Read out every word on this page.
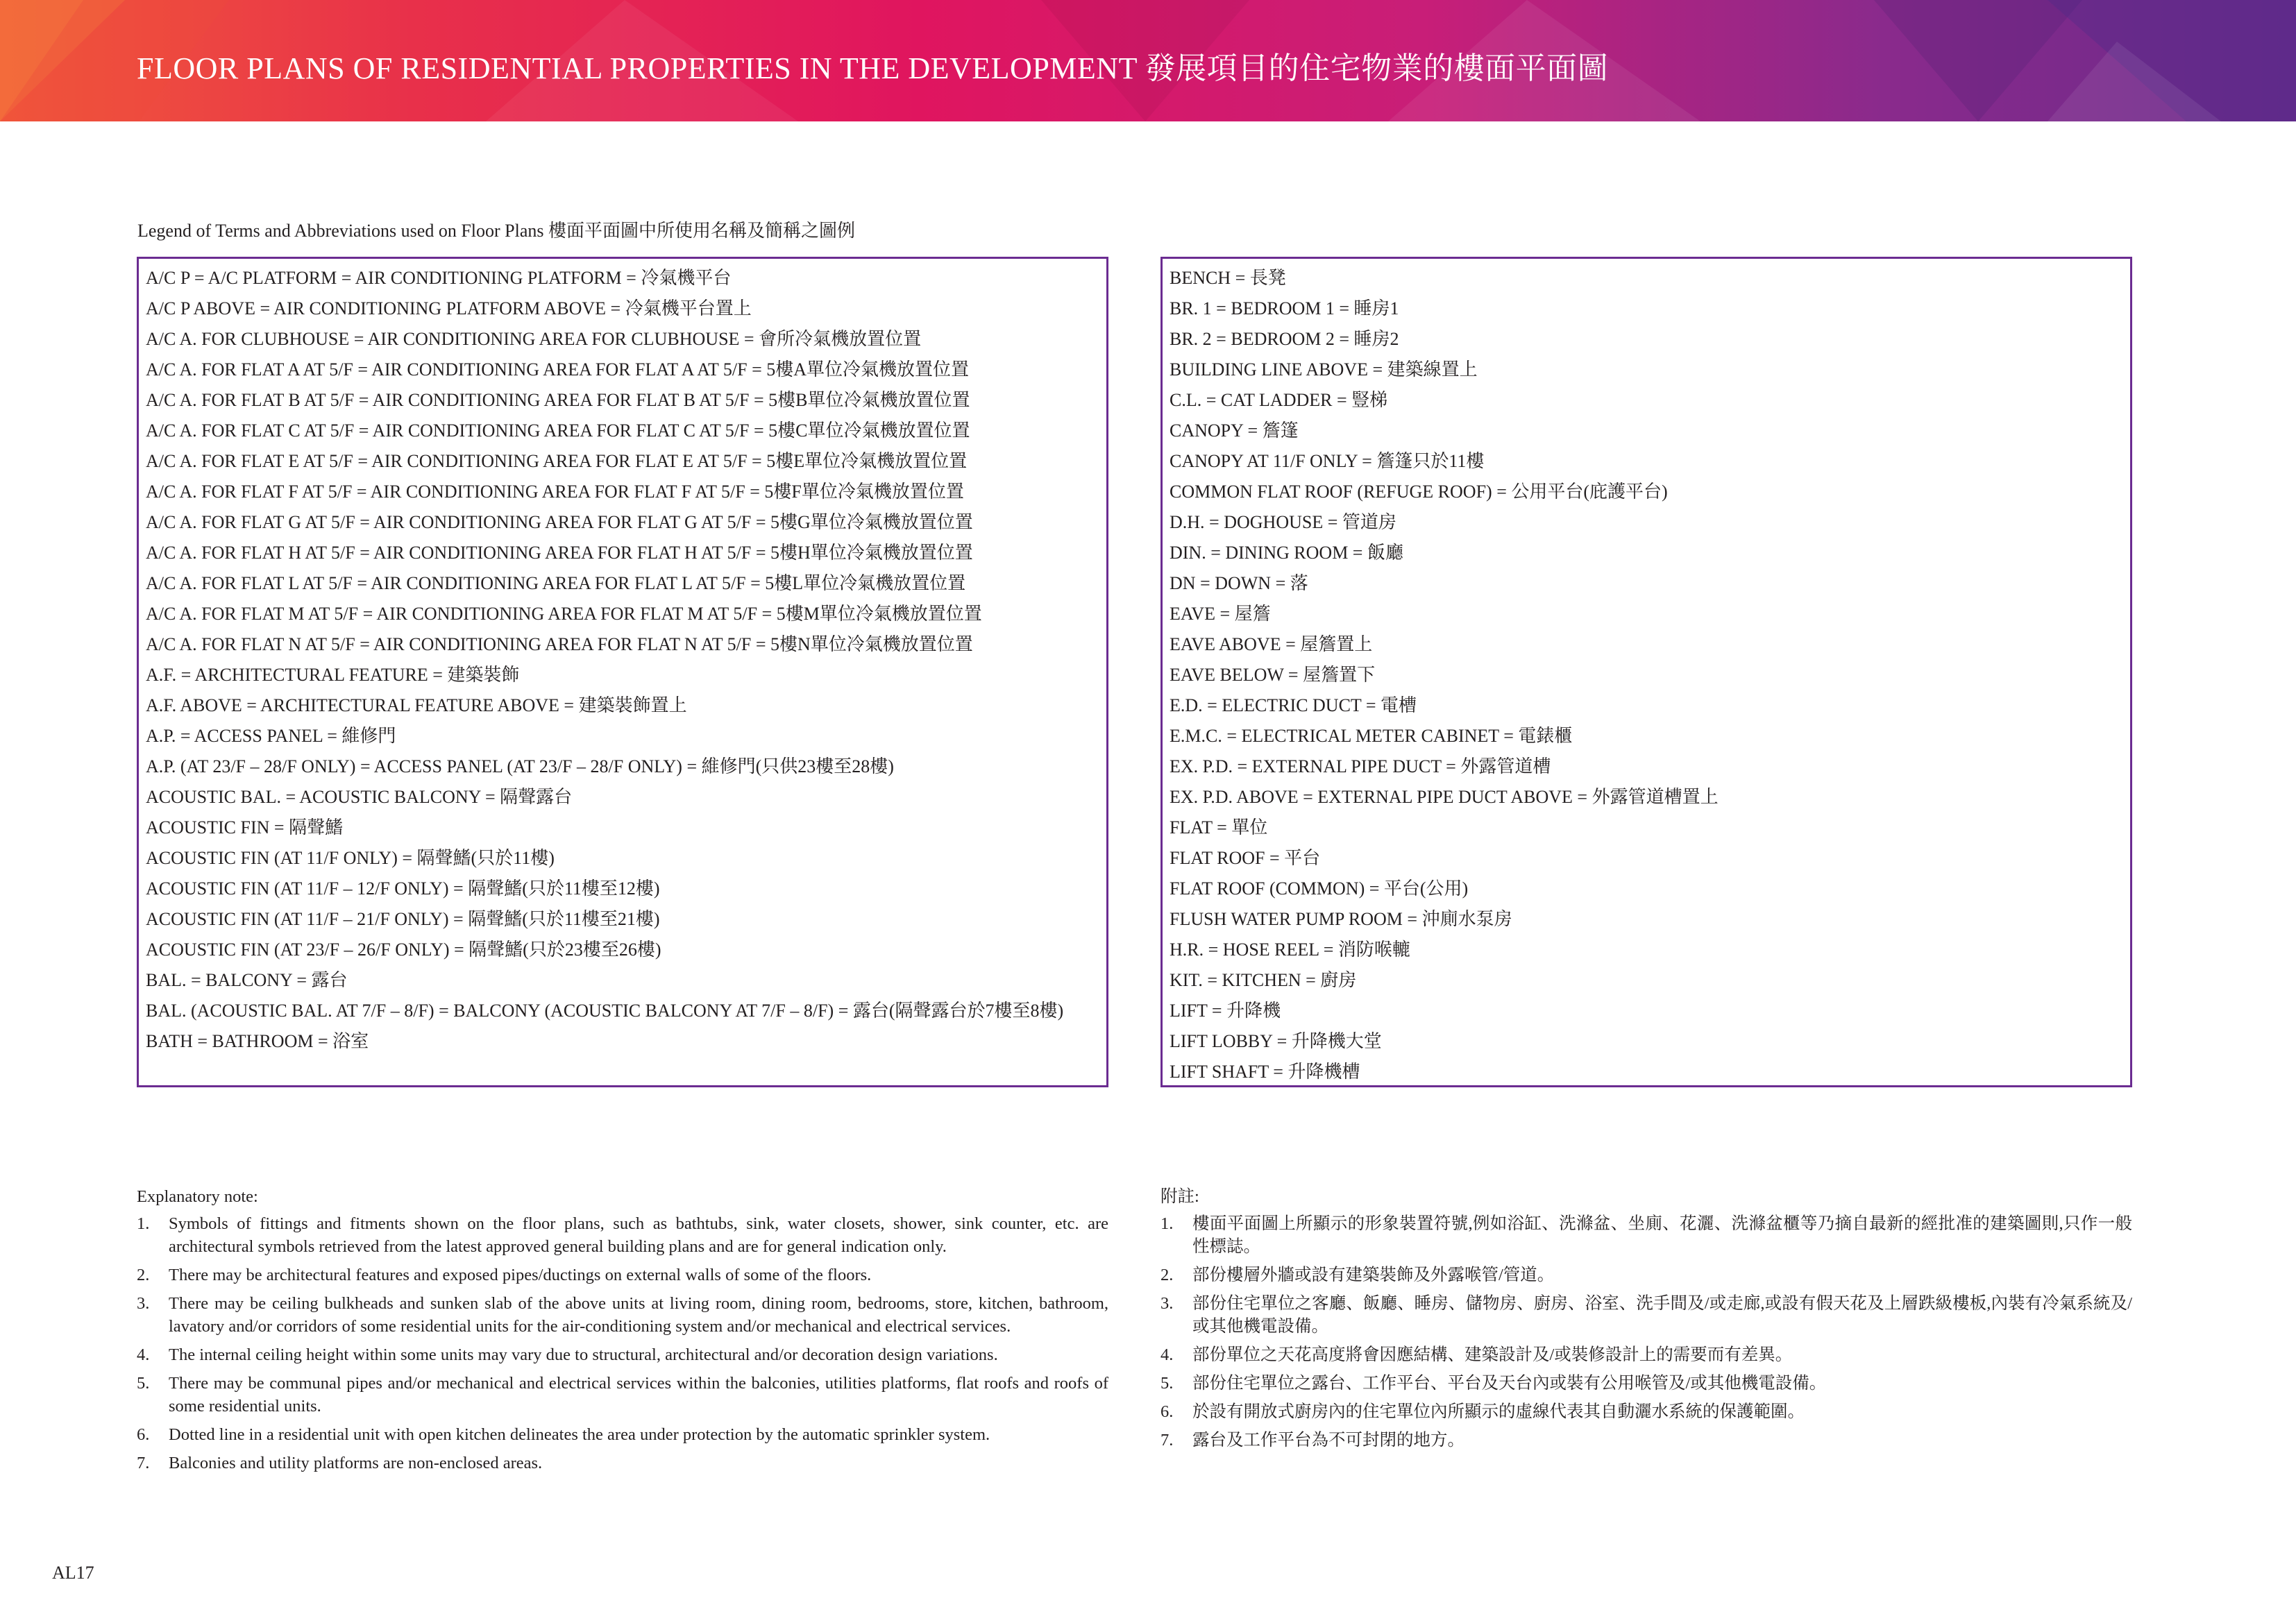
FLOOR PLANS OF RESIDENTIAL PROPERTIES IN THE DEVELOPMENT 發展項目的住宅物業的樓面平面圖
Legend of Terms and Abbreviations used on Floor Plans 樓面平面圖中所使用名稱及簡稱之圖例
A/C P = A/C PLATFORM = AIR CONDITIONING PLATFORM = 冷氣機平台
A/C P ABOVE = AIR CONDITIONING PLATFORM ABOVE = 冷氣機平台置上
A/C A. FOR CLUBHOUSE = AIR CONDITIONING AREA FOR CLUBHOUSE = 會所冷氣機放置位置
A/C A. FOR FLAT A AT 5/F = AIR CONDITIONING AREA FOR FLAT A AT 5/F = 5樓A單位冷氣機放置位置
A/C A. FOR FLAT B AT 5/F = AIR CONDITIONING AREA FOR FLAT B AT 5/F = 5樓B單位冷氣機放置位置
A/C A. FOR FLAT C AT 5/F = AIR CONDITIONING AREA FOR FLAT C AT 5/F = 5樓C單位冷氣機放置位置
A/C A. FOR FLAT E AT 5/F = AIR CONDITIONING AREA FOR FLAT E AT 5/F = 5樓E單位冷氣機放置位置
A/C A. FOR FLAT F AT 5/F = AIR CONDITIONING AREA FOR FLAT F AT 5/F = 5樓F單位冷氣機放置位置
A/C A. FOR FLAT G AT 5/F = AIR CONDITIONING AREA FOR FLAT G AT 5/F = 5樓G單位冷氣機放置位置
A/C A. FOR FLAT H AT 5/F = AIR CONDITIONING AREA FOR FLAT H AT 5/F = 5樓H單位冷氣機放置位置
A/C A. FOR FLAT L AT 5/F = AIR CONDITIONING AREA FOR FLAT L AT 5/F = 5樓L單位冷氣機放置位置
A/C A. FOR FLAT M AT 5/F = AIR CONDITIONING AREA FOR FLAT M AT 5/F = 5樓M單位冷氣機放置位置
A/C A. FOR FLAT N AT 5/F = AIR CONDITIONING AREA FOR FLAT N AT 5/F = 5樓N單位冷氣機放置位置
A.F. = ARCHITECTURAL FEATURE = 建築裝飾
A.F. ABOVE = ARCHITECTURAL FEATURE ABOVE = 建築裝飾置上
A.P. = ACCESS PANEL = 維修門
A.P. (AT 23/F – 28/F ONLY) = ACCESS PANEL (AT 23/F – 28/F ONLY) = 維修門(只供23樓至28樓)
ACOUSTIC BAL. = ACOUSTIC BALCONY = 隔聲露台
ACOUSTIC FIN = 隔聲鰭
ACOUSTIC FIN (AT 11/F ONLY) = 隔聲鰭(只於11樓)
ACOUSTIC FIN (AT 11/F – 12/F ONLY) = 隔聲鰭(只於11樓至12樓)
ACOUSTIC FIN (AT 11/F – 21/F ONLY) = 隔聲鰭(只於11樓至21樓)
ACOUSTIC FIN (AT 23/F – 26/F ONLY) = 隔聲鰭(只於23樓至26樓)
BAL. = BALCONY = 露台
BAL. (ACOUSTIC BAL. AT 7/F – 8/F) = BALCONY (ACOUSTIC BALCONY AT 7/F – 8/F) = 露台(隔聲露台於7樓至8樓)
BATH = BATHROOM = 浴室
BENCH = 長凳
BR. 1 = BEDROOM 1 = 睡房1
BR. 2 = BEDROOM 2 = 睡房2
BUILDING LINE ABOVE = 建築線置上
C.L. = CAT LADDER = 豎梯
CANOPY = 簷篷
CANOPY AT 11/F ONLY = 簷篷只於11樓
COMMON FLAT ROOF (REFUGE ROOF) = 公用平台(庇護平台)
D.H. = DOGHOUSE = 管道房
DIN. = DINING ROOM = 飯廳
DN = DOWN = 落
EAVE = 屋簷
EAVE ABOVE = 屋簷置上
EAVE BELOW = 屋簷置下
E.D. = ELECTRIC DUCT = 電槽
E.M.C. = ELECTRICAL METER CABINET = 電錶櫃
EX. P.D. = EXTERNAL PIPE DUCT = 外露管道槽
EX. P.D. ABOVE = EXTERNAL PIPE DUCT ABOVE = 外露管道槽置上
FLAT = 單位
FLAT ROOF = 平台
FLAT ROOF (COMMON) = 平台(公用)
FLUSH WATER PUMP ROOM = 沖廁水泵房
H.R. = HOSE REEL = 消防喉轆
KIT. = KITCHEN = 廚房
LIFT = 升降機
LIFT LOBBY = 升降機大堂
LIFT SHAFT = 升降機槽
Explanatory note:
1.	Symbols of fittings and fitments shown on the floor plans, such as bathtubs, sink, water closets, shower, sink counter, etc. are architectural symbols retrieved from the latest approved general building plans and are for general indication only.
2.	There may be architectural features and exposed pipes/ductings on external walls of some of the floors.
3.	There may be ceiling bulkheads and sunken slab of the above units at living room, dining room, bedrooms, store, kitchen, bathroom, lavatory and/or corridors of some residential units for the air-conditioning system and/or mechanical and electrical services.
4.	The internal ceiling height within some units may vary due to structural, architectural and/or decoration design variations.
5.	There may be communal pipes and/or mechanical and electrical services within the balconies, utilities platforms, flat roofs and roofs of some residential units.
6.	Dotted line in a residential unit with open kitchen delineates the area under protection by the automatic sprinkler system.
7.	Balconies and utility platforms are non-enclosed areas.
附註:
1.	樓面平面圖上所顯示的形象裝置符號,例如浴缸、洗滌盆、坐廁、花灑、洗滌盆櫃等乃摘自最新的經批准的建築圖則,只作一般性標誌。
2.	部份樓層外牆或設有建築裝飾及外露喉管/管道。
3.	部份住宅單位之客廳、飯廳、睡房、儲物房、廚房、浴室、洗手間及/或走廊,或設有假天花及上層跌級樓板,內裝有冷氣系統及/或其他機電設備。
4.	部份單位之天花高度將會因應結構、建築設計及/或裝修設計上的需要而有差異。
5.	部份住宅單位之露台、工作平台、平台及天台內或裝有公用喉管及/或其他機電設備。
6.	於設有開放式廚房內的住宅單位內所顯示的虛線代表其自動灑水系統的保護範圍。
7.	露台及工作平台為不可封閉的地方。
AL17
